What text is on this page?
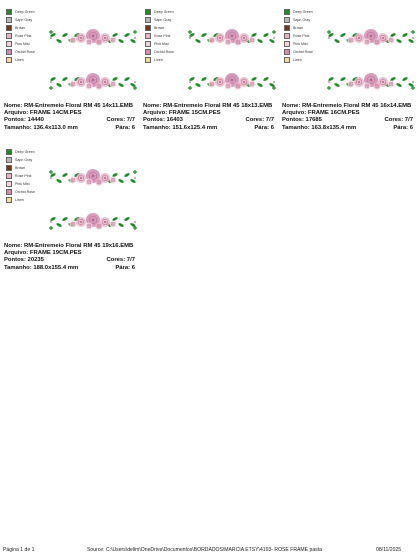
Deep Green
Sapn Gray
Brown
Rose Pink
Pink Mist
Orchid Rose
Linen
Nome: RM-Entremeio Floral RM 45 14x11.EMB
Arquivo: FRAME 14CM.PES
Pontos: 14440	Cores: 7/7
Tamanho: 136.4x113.0 mm	Pára: 6
Deep Green
Sapn Gray
Brown
Rose Pink
Pink Mist
Orchid Rose
Linen
Nome: RM-Entremeio Floral RM 45 18x13.EMB
Arquivo: FRAME 15CM.PES
Pontos: 16403	Cores: 7/7
Tamanho: 151.6x125.4 mm	Pára: 6
Deep Green
Sapn Gray
Brown
Rose Pink
Pink Mist
Orchid Rose
Linen
Nome: RM-Entremeio Floral RM 45 16x14.EMB
Arquivo: FRAME 16CM.PES
Pontos: 17685	Cores: 7/7
Tamanho: 163.8x135.4 mm	Pára: 6
Deep Green
Sapn Gray
Brown
Rose Pink
Pink Mist
Orchid Rose
Linen
Nome: RM-Entremeio Floral RM 45 19x16.EMB
Arquivo: FRAME 19CM.PES
Pontos: 20235	Cores: 7/7
Tamanho: 188.0x155.4 mm	Pára: 6
Página 1 de 1	Source: C:\Users\dellm\OneDrive\Documentos\BORDADOS\MARCIA ETSY\4193- ROSE FRAME pasta	08/11/2025
